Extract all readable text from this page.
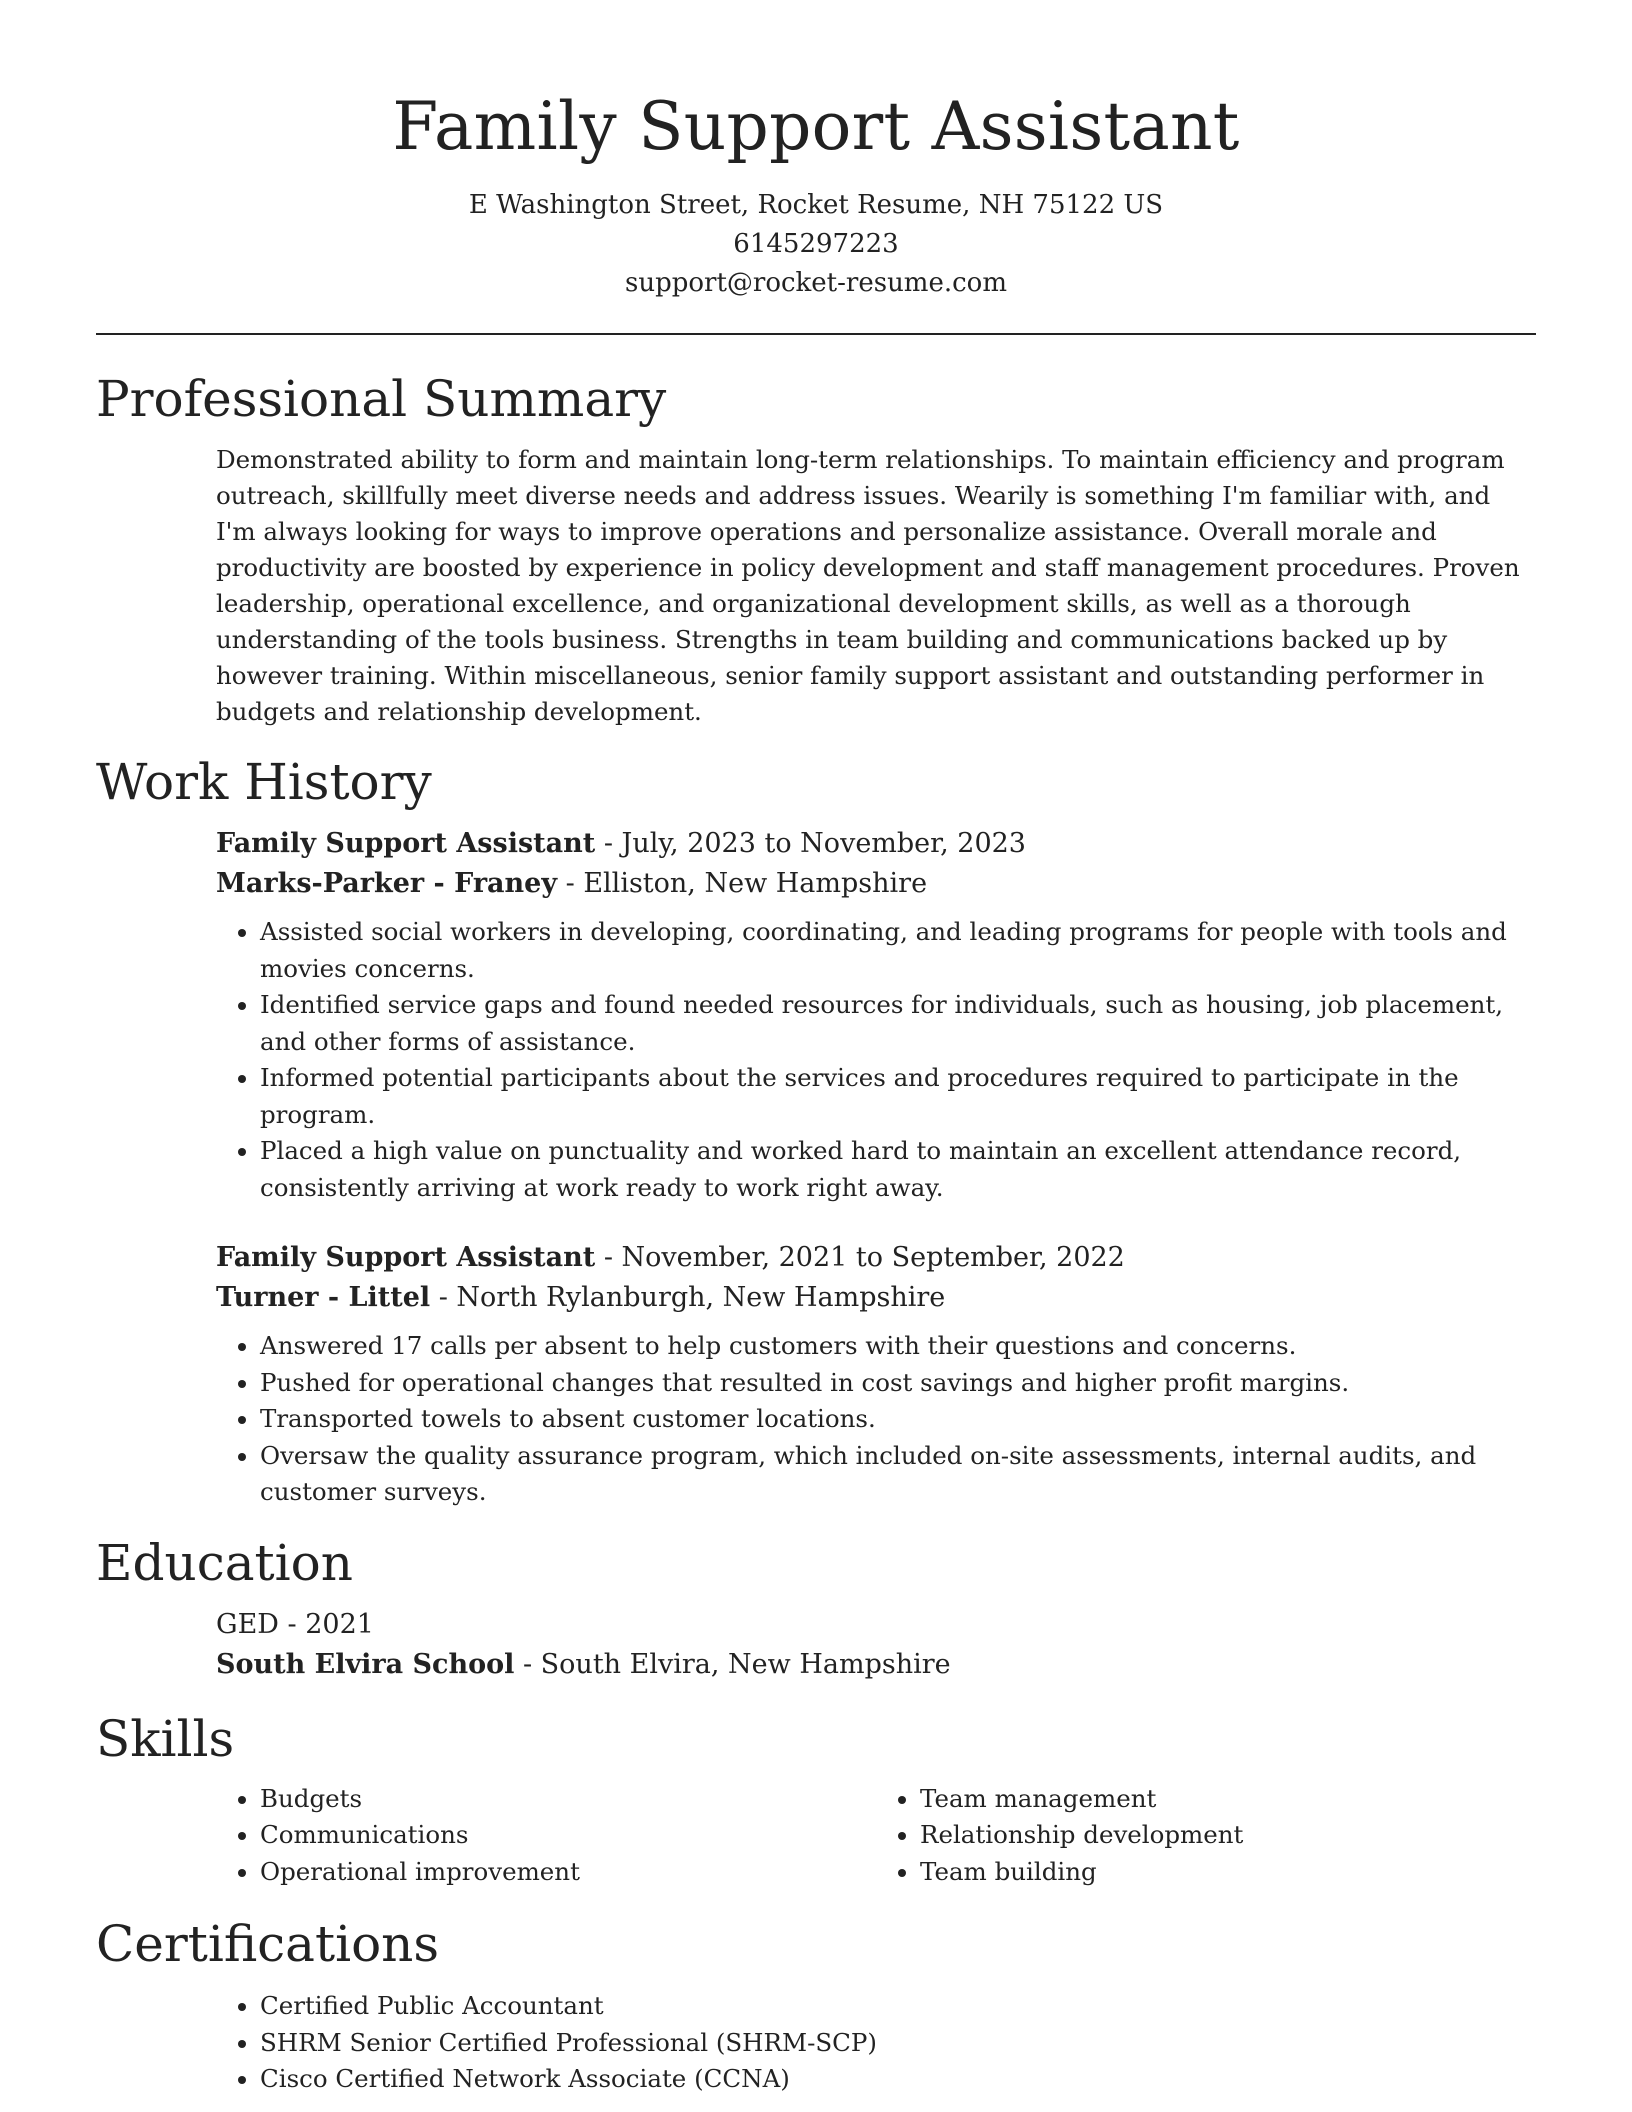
Family Support Assistant
E Washington Street, Rocket Resume, NH 75122 US
6145297223
support@rocket-resume.com
Professional Summary

Demonstrated ability to form and maintain long-term relationships. To maintain efficiency and program outreach, skillfully meet diverse needs and address issues. Wearily is something I'm familiar with, and I'm always looking for ways to improve operations and personalize assistance. Overall morale and productivity are boosted by experience in policy development and staff management procedures. Proven leadership, operational excellence, and organizational development skills, as well as a thorough understanding of the tools business. Strengths in team building and communications backed up by however training. Within miscellaneous, senior family support assistant and outstanding performer in budgets and relationship development.

Work History
Family Support Assistant - July, 2023 to November, 2023
Marks-Parker - Franey - Elliston, New Hampshire
• Assisted social workers in developing, coordinating, and leading programs for people with tools and movies concerns.
• Identified service gaps and found needed resources for individuals, such as housing, job placement, and other forms of assistance.
• Informed potential participants about the services and procedures required to participate in the program.
• Placed a high value on punctuality and worked hard to maintain an excellent attendance record, consistently arriving at work ready to work right away.
Family Support Assistant - November, 2021 to September, 2022
Turner - Littel - North Rylanburgh, New Hampshire
• Answered 17 calls per absent to help customers with their questions and concerns.
• Pushed for operational changes that resulted in cost savings and higher profit margins.
• Transported towels to absent customer locations.
• Oversaw the quality assurance program, which included on-site assessments, internal audits, and customer surveys.
Education
GED - 2021
South Elvira School - South Elvira, New Hampshire
Skills
• Budgets
• Communications
• Operational improvement
• Team management
• Relationship development
• Team building
Certifications
• Certified Public Accountant
• SHRM Senior Certified Professional (SHRM-SCP)
• Cisco Certified Network Associate (CCNA)
